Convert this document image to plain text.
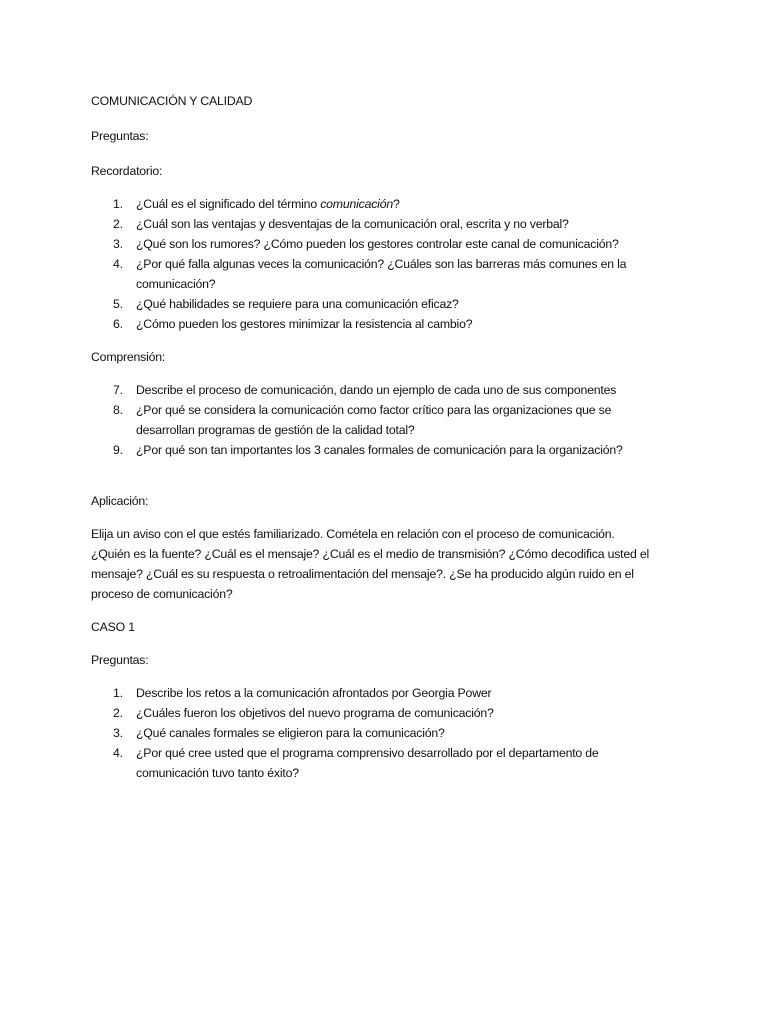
COMUNICACIÓN Y CALIDAD
Preguntas:
Recordatorio:
1. ¿Cuál es el significado del término comunicación?
2. ¿Cuál son las ventajas y desventajas de la comunicación oral, escrita y no verbal?
3. ¿Qué son los rumores? ¿Cómo pueden los gestores controlar este canal de comunicación?
4. ¿Por qué falla algunas veces la comunicación? ¿Cuáles son las barreras más comunes en la
comunicación?
5. ¿Qué habilidades se requiere para una comunicación eficaz?
6. ¿Cómo pueden los gestores minimizar la resistencia al cambio?
Comprensión:
7. Describe el proceso de comunicación, dando un ejemplo de cada uno de sus componentes
8. ¿Por qué se considera la comunicación como factor crítico para las organizaciones que se
desarrollan programas de gestión de la calidad total?
9. ¿Por qué son tan importantes los 3 canales formales de comunicación para la organización?
Aplicación:
Elija un aviso con el que estés familiarizado. Cométela en relación con el proceso de comunicación.
¿Quién es la fuente? ¿Cuál es el mensaje? ¿Cuál es el medio de transmisión? ¿Cómo decodifica usted el
mensaje? ¿Cuál es su respuesta o retroalimentación del mensaje?. ¿Se ha producido algún ruido en el
proceso de comunicación?
CASO 1
Preguntas:
1. Describe los retos a la comunicación afrontados por Georgia Power
2. ¿Cuáles fueron los objetivos del nuevo programa de comunicación?
3. ¿Qué canales formales se eligieron para la comunicación?
4. ¿Por qué cree usted que el programa comprensivo desarrollado por el departamento de
comunicación tuvo tanto éxito?
